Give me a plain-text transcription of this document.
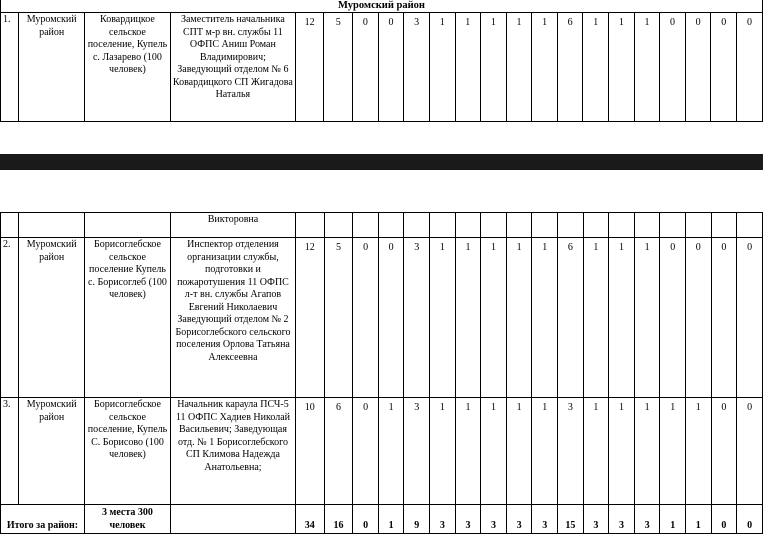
Муромский район
1.	Муромский район	Ковардицкое сельское поселение, Купель с. Лазарево (100 человек)	Заместитель начальника СПТ м-р вн. службы 11 ОФПС Аниш Роман Владимирович; Заведующий отделом № 6 Ковардицкого СП Жигадова Наталья	12	5	0	0	3	1	1	1	1	1	6	1	1	1	0	0	0	0
			Викторовна																		
2.	Муромский район	Борисоглебское сельское поселение Купель с. Борисоглеб (100 человек)	Инспектор отделения организации службы, подготовки и пожаротушения 11 ОФПС л-т вн. службы Агапов Евгений Николаевич Заведующий отделом № 2 Борисоглебского сельского поселения Орлова Татьяна Алексеевна	12	5	0	0	3	1	1	1	1	1	6	1	1	1	0	0	0	0
3.	Муромский район	Борисоглебское сельское поселение, Купель С. Борисово (100 человек)	Начальник караула ПСЧ-5 11 ОФПС Хадиев Николай Васильевич; Заведующая отд. № 1 Борисоглебского СП Климова Надежда Анатольевна;	10	6	0	1	3	1	1	1	1	1	3	1	1	1	1	1	0	0
Итого за район:		3 места 300 человек		34	16	0	1	9	3	3	3	3	3	15	3	3	3	1	1	0	0
